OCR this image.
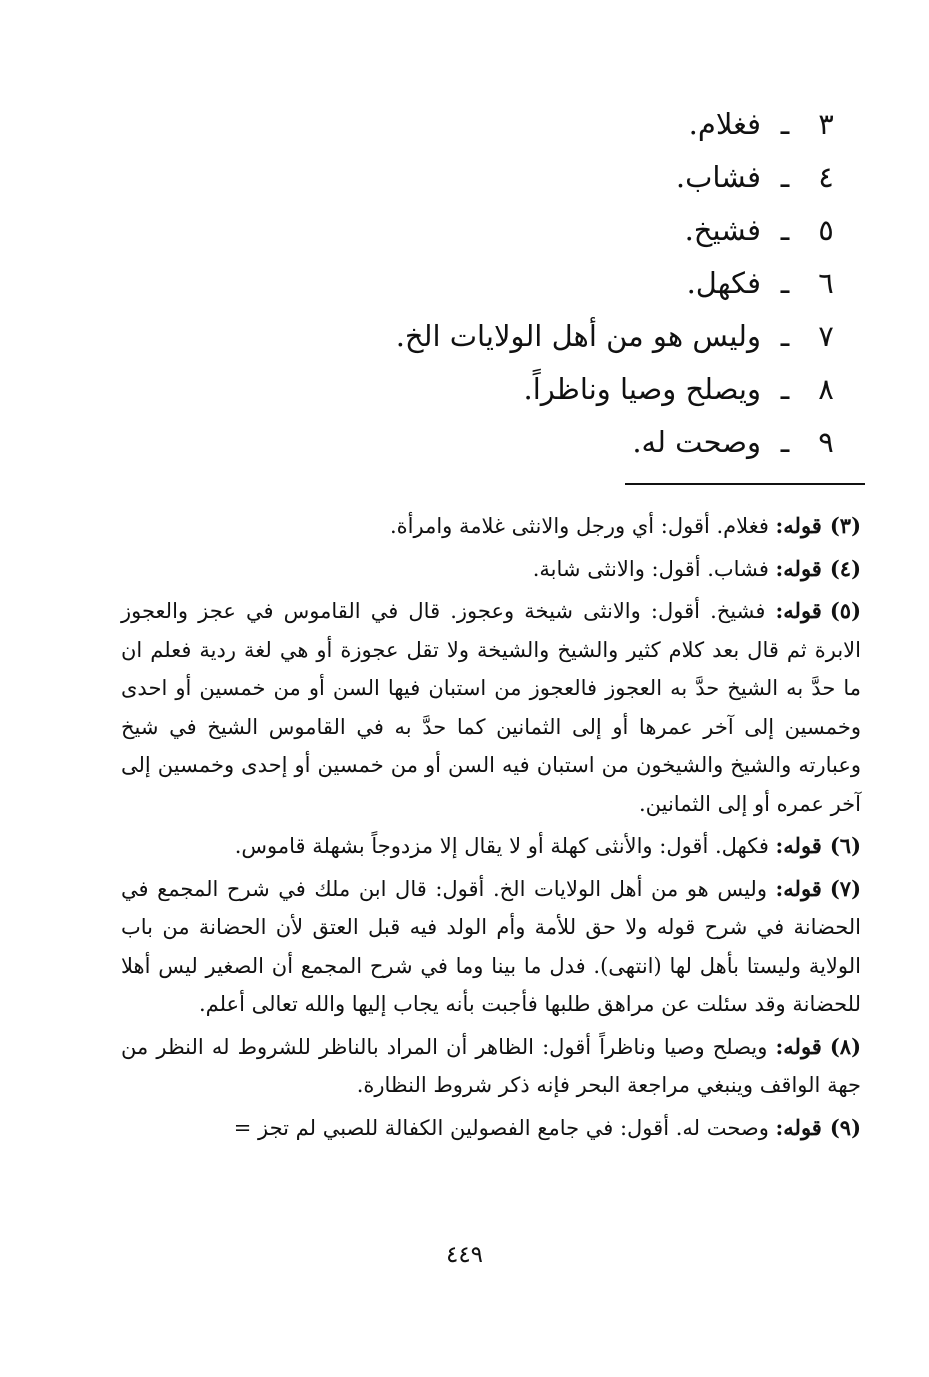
٣
ـ
فغلام.
٤
ـ
فشاب.
٥
ـ
فشيخ.
٦
ـ
فكهل.
٧
ـ
وليس هو من أهل الولايات الخ.
٨
ـ
ويصلح وصيا وناظراً.
٩
ـ
وصحت له.

(٣)قوله: فغلام. أقول: أي ورجل والانثى غلامة وامرأة.

(٤)قوله: فشاب. أقول: والانثى شابة.

(٥)قوله: فشيخ. أقول: والانثى شيخة وعجوز. قال في القاموس في عجز والعجوز الابرة ثم قال بعد كلام كثير والشيخ والشيخة ولا تقل عجوزة أو هي لغة ردية فعلم ان ما حدَّ به الشيخ حدَّ به العجوز فالعجوز من استبان فيها السن أو من خمسين أو احدى وخمسين إلى آخر عمرها أو إلى الثمانين كما حدَّ به في القاموس الشيخ في شيخ وعبارته والشيخ والشيخون من استبان فيه السن أو من خمسين أو إحدى وخمسين إلى آخر عمره أو إلى الثمانين.

(٦)قوله: فكهل. أقول: والأنثى كهلة أو لا يقال إلا مزدوجاً بشهلة قاموس.

(٧)قوله: وليس هو من أهل الولايات الخ. أقول: قال ابن ملك في شرح المجمع في الحضانة في شرح قوله ولا حق للأمة وأم الولد فيه قبل العتق لأن الحضانة من باب الولاية وليستا بأهل لها (انتهى). فدل ما بينا وما في شرح المجمع أن الصغير ليس أهلا للحضانة وقد سئلت عن مراهق طلبها فأجبت بأنه يجاب إليها والله تعالى أعلم.

(٨)قوله: ويصلح وصيا وناظراً أقول: الظاهر أن المراد بالناظر للشروط له النظر من جهة الواقف وينبغي مراجعة البحر فإنه ذكر شروط النظارة.

(٩)قوله: وصحت له. أقول: في جامع الفصولين الكفالة للصبي لم تجز =

٤٤٩
